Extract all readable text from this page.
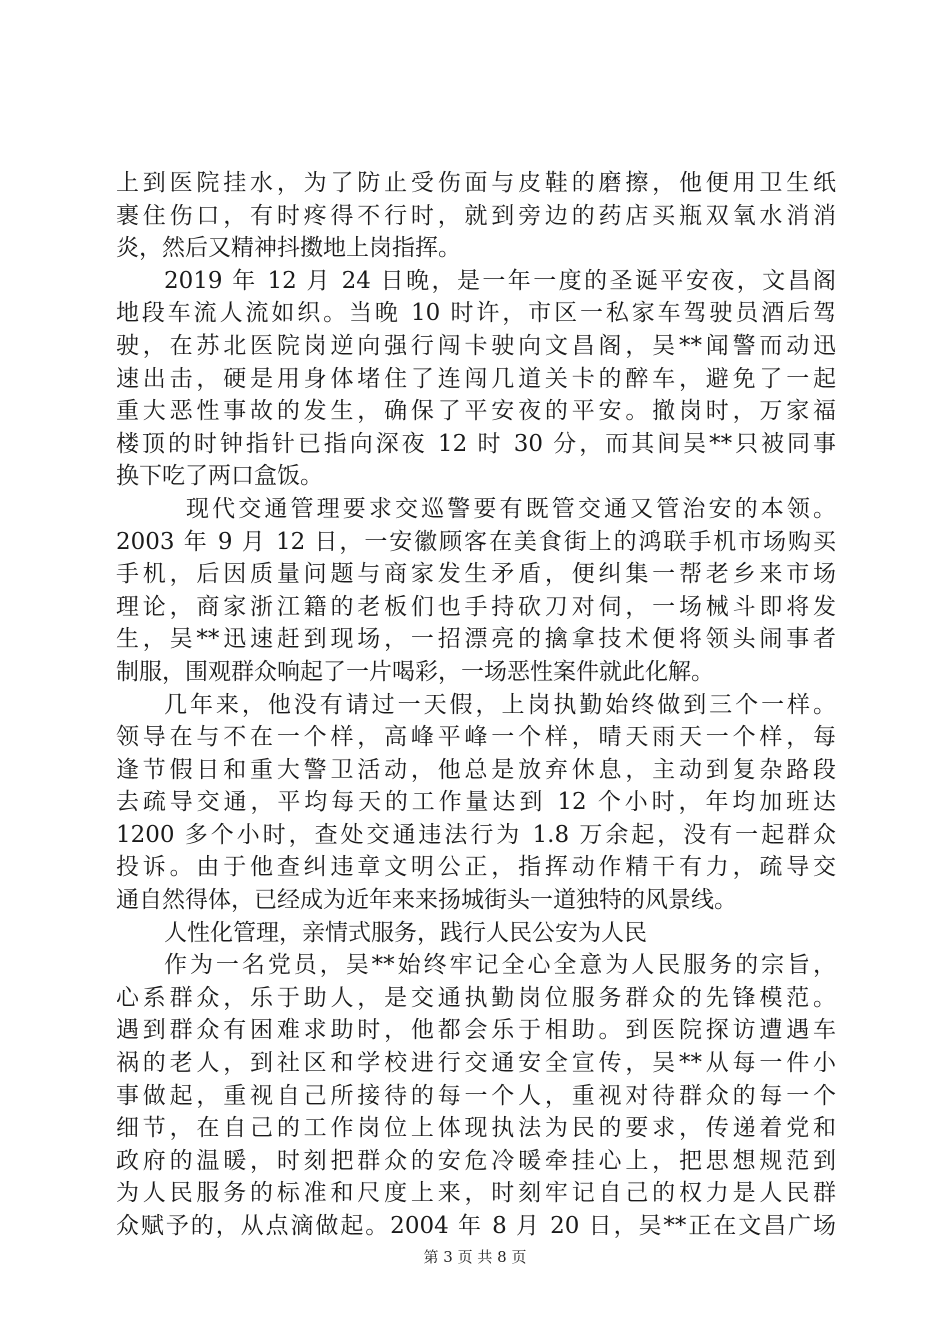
上到医院挂水，为了防止受伤面与皮鞋的磨擦，他便用卫生纸
裹住伤口，有时疼得不行时，就到旁边的药店买瓶双氧水消消
炎，然后又精神抖擞地上岗指挥。
2019 年 12 月 24 日晚，是一年一度的圣诞平安夜，文昌阁
地段车流人流如织。当晚 10 时许，市区一私家车驾驶员酒后驾
驶，在苏北医院岗逆向强行闯卡驶向文昌阁，吴**闻警而动迅
速出击，硬是用身体堵住了连闯几道关卡的醉车，避免了一起
重大恶性事故的发生，确保了平安夜的平安。撤岗时，万家福
楼顶的时钟指针已指向深夜 12 时 30 分，而其间吴**只被同事
换下吃了两口盒饭。
现代交通管理要求交巡警要有既管交通又管治安的本领。
2003 年 9 月 12 日，一安徽顾客在美食街上的鸿联手机市场购买
手机，后因质量问题与商家发生矛盾，便纠集一帮老乡来市场
理论，商家浙江籍的老板们也手持砍刀对伺，一场械斗即将发
生，吴**迅速赶到现场，一招漂亮的擒拿技术便将领头闹事者
制服，围观群众响起了一片喝彩，一场恶性案件就此化解。
几年来，他没有请过一天假，上岗执勤始终做到三个一样。
领导在与不在一个样，高峰平峰一个样，晴天雨天一个样，每
逢节假日和重大警卫活动，他总是放弃休息，主动到复杂路段
去疏导交通，平均每天的工作量达到 12 个小时，年均加班达
1200 多个小时，查处交通违法行为 1.8 万余起，没有一起群众
投诉。由于他查纠违章文明公正，指挥动作精干有力，疏导交
通自然得体，已经成为近年来来扬城街头一道独特的风景线。
人性化管理，亲情式服务，践行人民公安为人民
作为一名党员，吴**始终牢记全心全意为人民服务的宗旨，
心系群众，乐于助人，是交通执勤岗位服务群众的先锋模范。
遇到群众有困难求助时，他都会乐于相助。到医院探访遭遇车
祸的老人，到社区和学校进行交通安全宣传，吴**从每一件小
事做起，重视自己所接待的每一个人，重视对待群众的每一个
细节，在自己的工作岗位上体现执法为民的要求，传递着党和
政府的温暖，时刻把群众的安危冷暖牵挂心上，把思想规范到
为人民服务的标准和尺度上来，时刻牢记自己的权力是人民群
众赋予的，从点滴做起。2004 年 8 月 20 日，吴**正在文昌广场
第 3 页 共 8 页
